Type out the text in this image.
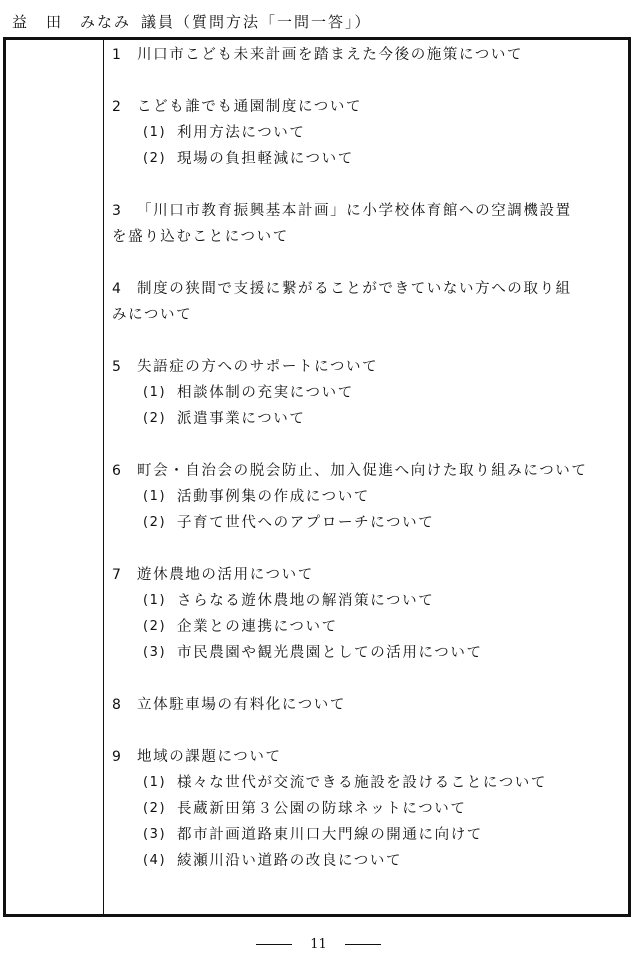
益　田　みなみ 議員（質問方法「一問一答」）
1 川口市こども未来計画を踏まえた今後の施策について
2 こども誰でも通園制度について
(1) 利用方法について
(2) 現場の負担軽減について
3 「川口市教育振興基本計画」に小学校体育館への空調機設置
を盛り込むことについて
4 制度の狭間で支援に繋がることができていない方への取り組
みについて
5 失語症の方へのサポートについて
(1) 相談体制の充実について
(2) 派遣事業について
6 町会・自治会の脱会防止、加入促進へ向けた取り組みについて
(1) 活動事例集の作成について
(2) 子育て世代へのアプローチについて
7 遊休農地の活用について
(1) さらなる遊休農地の解消策について
(2) 企業との連携について
(3) 市民農園や観光農園としての活用について
8 立体駐車場の有料化について
9 地域の課題について
(1) 様々な世代が交流できる施設を設けることについて
(2) 長蔵新田第３公園の防球ネットについて
(3) 都市計画道路東川口大門線の開通に向けて
(4) 綾瀬川沿い道路の改良について
11
